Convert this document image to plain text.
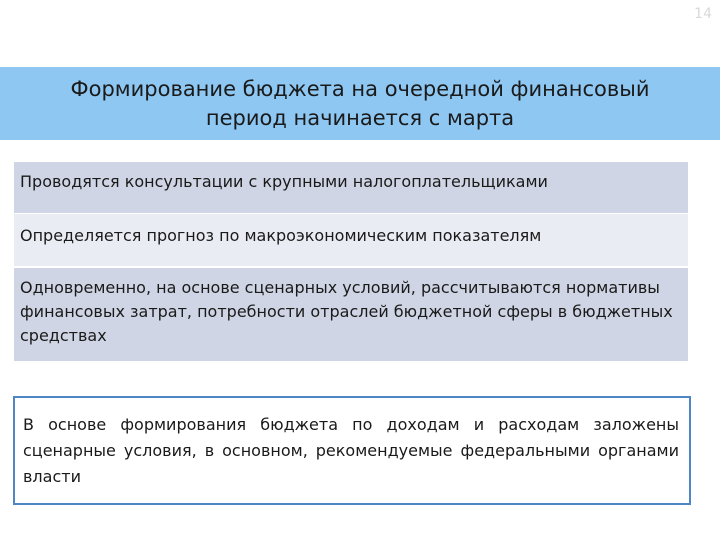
14
Формирование бюджета на очередной финансовый период начинается с марта
Проводятся консультации с крупными налогоплательщиками
Определяется прогноз по макроэкономическим показателям
Одновременно, на основе сценарных условий, рассчитываются нормативы финансовых затрат, потребности отраслей бюджетной сферы в бюджетных средствах
В основе формирования бюджета по доходам и расходам заложены сценарные условия, в основном, рекомендуемые федеральными органами власти
